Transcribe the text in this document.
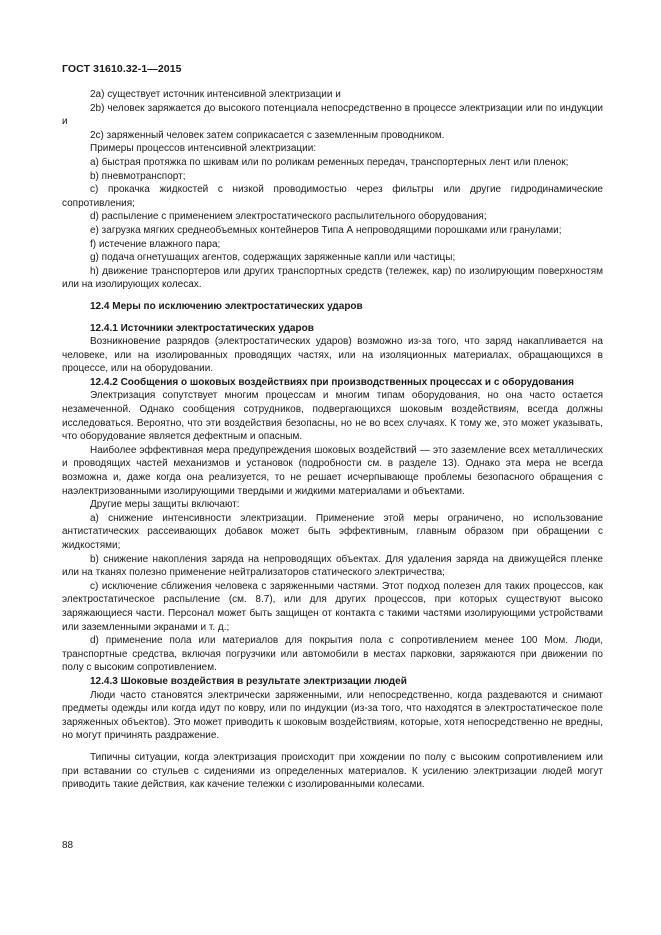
ГОСТ 31610.32-1—2015

2a) существует источник интенсивной электризации и

2b) человек заряжается до высокого потенциала непосредственно в процессе электризации или по индукции и

2c) заряженный человек затем соприкасается с заземленным проводником.

Примеры процессов интенсивной электризации:

a) быстрая протяжка по шкивам или по роликам ременных передач, транспортерных лент или пленок;

b) пневмотранспорт;

c) прокачка жидкостей с низкой проводимостью через фильтры или другие гидродинамические сопротивления;

d) распыление с применением электростатического распылительного оборудования;

e) загрузка мягких среднеобъемных контейнеров Типа А непроводящими порошками или гранулами;

f) истечение влажного пара;

g) подача огнетушащих агентов, содержащих заряженные капли или частицы;

h) движение транспортеров или других транспортных средств (тележек, кар) по изолирующим поверхностям или на изолирующих колесах.

12.4 Меры по исключению электростатических ударов

12.4.1 Источники электростатических ударов

Возникновение разрядов (электростатических ударов) возможно из-за того, что заряд накапливается на человеке, или на изолированных проводящих частях, или на изоляционных материалах, обращающихся в процессе, или на оборудовании.

12.4.2 Сообщения о шоковых воздействиях при производственных процессах и с оборудования

Электризация сопутствует многим процессам и многим типам оборудования, но она часто остается незамеченной. Однако сообщения сотрудников, подвергающихся шоковым воздействиям, всегда должны исследоваться. Вероятно, что эти воздействия безопасны, но не во всех случаях. К тому же, это может указывать, что оборудование является дефектным и опасным.

Наиболее эффективная мера предупреждения шоковых воздействий — это заземление всех металлических и проводящих частей механизмов и установок (подробности см. в разделе 13). Однако эта мера не всегда возможна и, даже когда она реализуется, то не решает исчерпывающе проблемы безопасного обращения с наэлектризованными изолирующими твердыми и жидкими материалами и объектами.

Другие меры защиты включают:

a) снижение интенсивности электризации. Применение этой меры ограничено, но использование антистатических рассеивающих добавок может быть эффективным, главным образом при обращении с жидкостями;

b) снижение накопления заряда на непроводящих объектах. Для удаления заряда на движущейся пленке или на тканях полезно применение нейтрализаторов статического электричества;

c) исключение сближения человека с заряженными частями. Этот подход полезен для таких процессов, как электростатическое распыление (см. 8.7), или для других процессов, при которых существуют высоко заряжающиеся части. Персонал может быть защищен от контакта с такими частями изолирующими устройствами или заземленными экранами и т. д.;

d) применение пола или материалов для покрытия пола с сопротивлением менее 100 Мом. Люди, транспортные средства, включая погрузчики или автомобили в местах парковки, заряжаются при движении по полу с высоким сопротивлением.

12.4.3 Шоковые воздействия в результате электризации людей

Люди часто становятся электрически заряженными, или непосредственно, когда раздеваются и снимают предметы одежды или когда идут по ковру, или по индукции (из-за того, что находятся в электростатическое поле заряженных объектов). Это может приводить к шоковым воздействиям, которые, хотя непосредственно не вредны, но могут причинять раздражение.

Типичны ситуации, когда электризация происходит при хождении по полу с высоким сопротивлением или при вставании со стульев с сидениями из определенных материалов. К усилению электризации людей могут приводить такие действия, как качение тележки с изолированными колесами.

88
